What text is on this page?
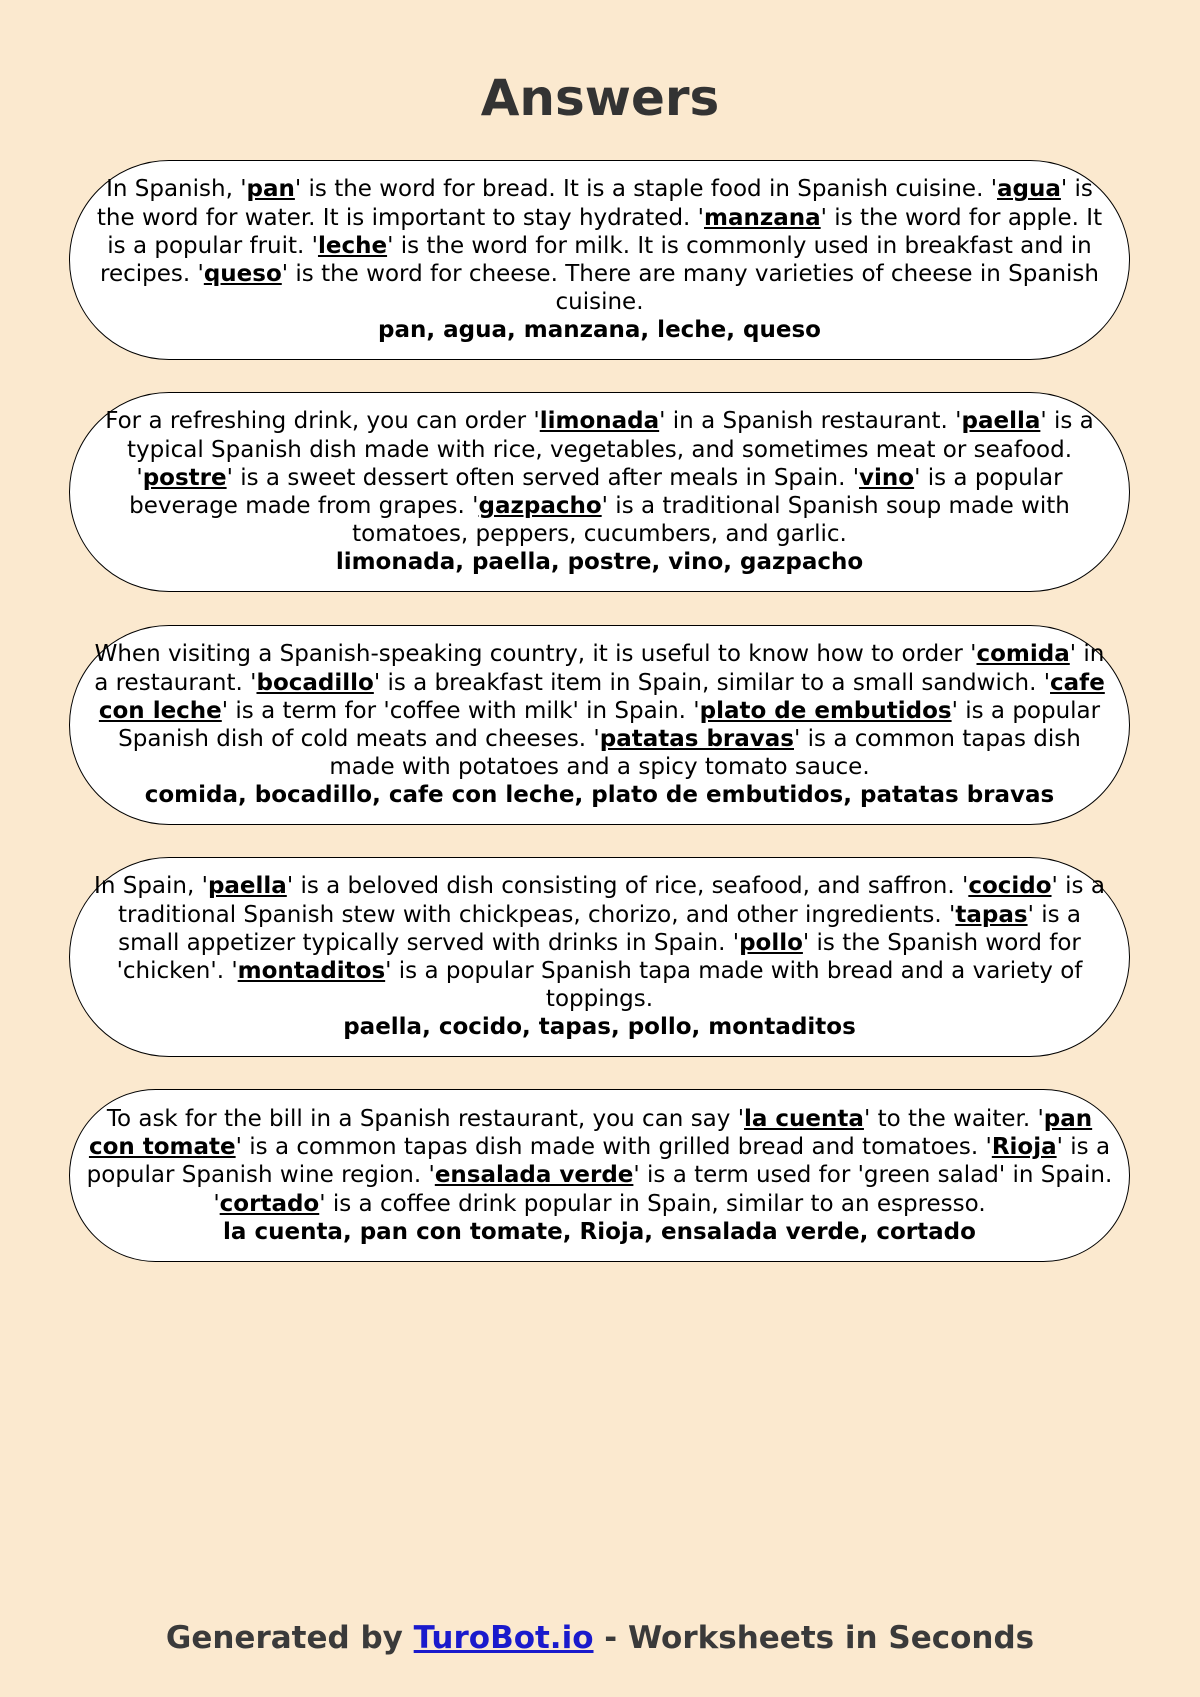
Answers

In Spanish, 'pan' is the word for bread. It is a staple food in Spanish cuisine. 'agua' is the word for water. It is important to stay hydrated. 'manzana' is the word for apple. It is a popular fruit. 'leche' is the word for milk. It is commonly used in breakfast and in recipes. 'queso' is the word for cheese. There are many varieties of cheese in Spanish cuisine.

pan, agua, manzana, leche, queso

For a refreshing drink, you can order 'limonada' in a Spanish restaurant. 'paella' is a typical Spanish dish made with rice, vegetables, and sometimes meat or seafood. 'postre' is a sweet dessert often served after meals in Spain. 'vino' is a popular beverage made from grapes. 'gazpacho' is a traditional Spanish soup made with tomatoes, peppers, cucumbers, and garlic.

limonada, paella, postre, vino, gazpacho

When visiting a Spanish-speaking country, it is useful to know how to order 'comida' in a restaurant. 'bocadillo' is a breakfast item in Spain, similar to a small sandwich. 'cafe con leche' is a term for 'coffee with milk' in Spain. 'plato de embutidos' is a popular Spanish dish of cold meats and cheeses. 'patatas bravas' is a common tapas dish made with potatoes and a spicy tomato sauce.

comida, bocadillo, cafe con leche, plato de embutidos, patatas bravas

In Spain, 'paella' is a beloved dish consisting of rice, seafood, and saffron. 'cocido' is a traditional Spanish stew with chickpeas, chorizo, and other ingredients. 'tapas' is a small appetizer typically served with drinks in Spain. 'pollo' is the Spanish word for 'chicken'. 'montaditos' is a popular Spanish tapa made with bread and a variety of toppings.

paella, cocido, tapas, pollo, montaditos

To ask for the bill in a Spanish restaurant, you can say 'la cuenta' to the waiter. 'pan con tomate' is a common tapas dish made with grilled bread and tomatoes. 'Rioja' is a popular Spanish wine region. 'ensalada verde' is a term used for 'green salad' in Spain. 'cortado' is a coffee drink popular in Spain, similar to an espresso.

la cuenta, pan con tomate, Rioja, ensalada verde, cortado

Generated by TuroBot.io - Worksheets in Seconds
